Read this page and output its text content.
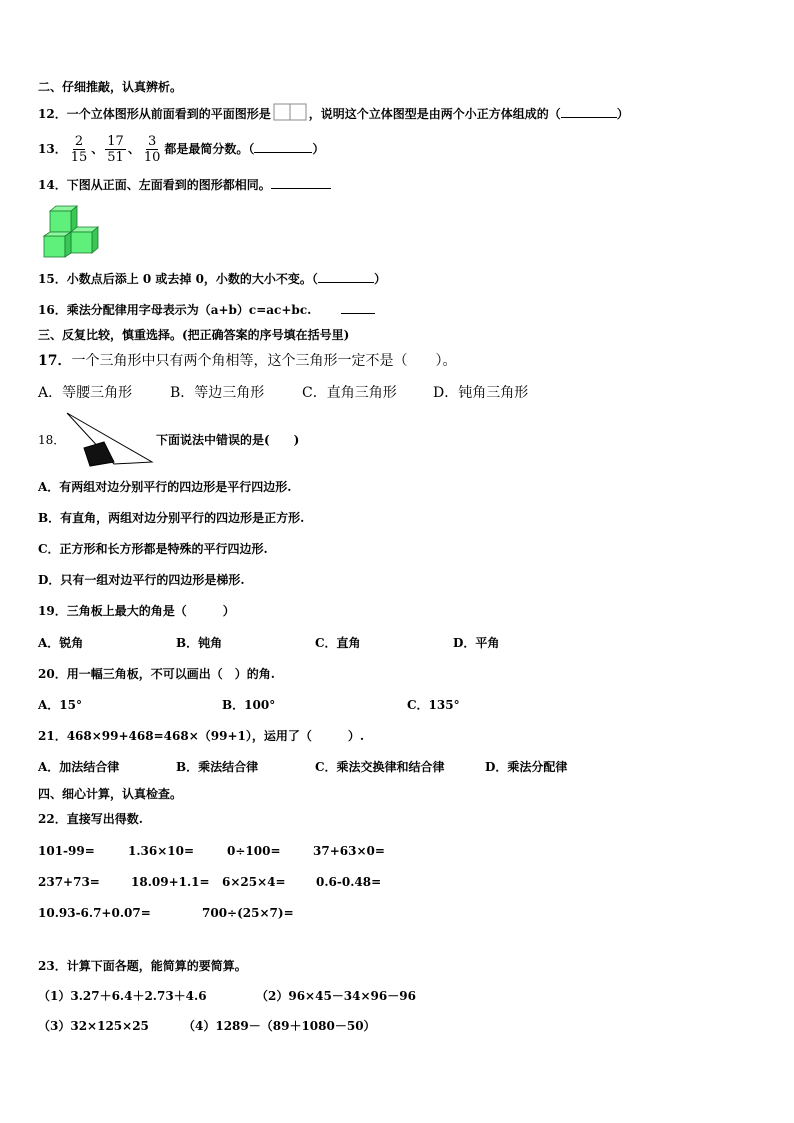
二、仔细推敲，认真辨析。
12．一个立体图形从前面看到的平面图形是	，说明这个立体图型是由两个小正方体组成的（	）
13． $\frac{2}{15}$ 、 $\frac{17}{51}$ 、 $\frac{3}{10}$ 都是最简分数。（	）
14．下图从正面、左面看到的图形都相同。
15．小数点后添上 0 或去掉 0，小数的大小不变。（	）
16．乘法分配律用字母表示为（a+b）c=ac+bc.
三、反复比较，慎重选择。(把正确答案的序号填在括号里)
17．一个三角形中只有两个角相等，这个三角形一定不是（　　）。
A．等腰三角形	B．等边三角形	C．直角三角形	D．钝角三角形
18．	下面说法中错误的是(　　)
A．有两组对边分别平行的四边形是平行四边形.
B．有直角，两组对边分别平行的四边形是正方形.
C．正方形和长方形都是特殊的平行四边形.
D．只有一组对边平行的四边形是梯形.
19．三角板上最大的角是（　　　）
A．锐角	B．钝角	C．直角	D．平角
20．用一幅三角板，不可以画出（　）的角.
A．15°	B．100°	C．135°
21．468×99+468=468×（99+1），运用了（　　　）.
A．加法结合律	B．乘法结合律	C．乘法交换律和结合律	D．乘法分配律
四、细心计算，认真检查。
22．直接写出得数.
101-99=	1.36×10=	0÷100=	37+63×0=
237+73=	18.09+1.1= 6×25×4=	0.6-0.48=
10.93-6.7+0.07=	700÷(25×7)=
23．计算下面各题，能简算的要简算。
（1）3.27＋6.4＋2.73＋4.6	（2）96×45－34×96－96
（3）32×125×25	（4）1289－（89＋1080－50）
